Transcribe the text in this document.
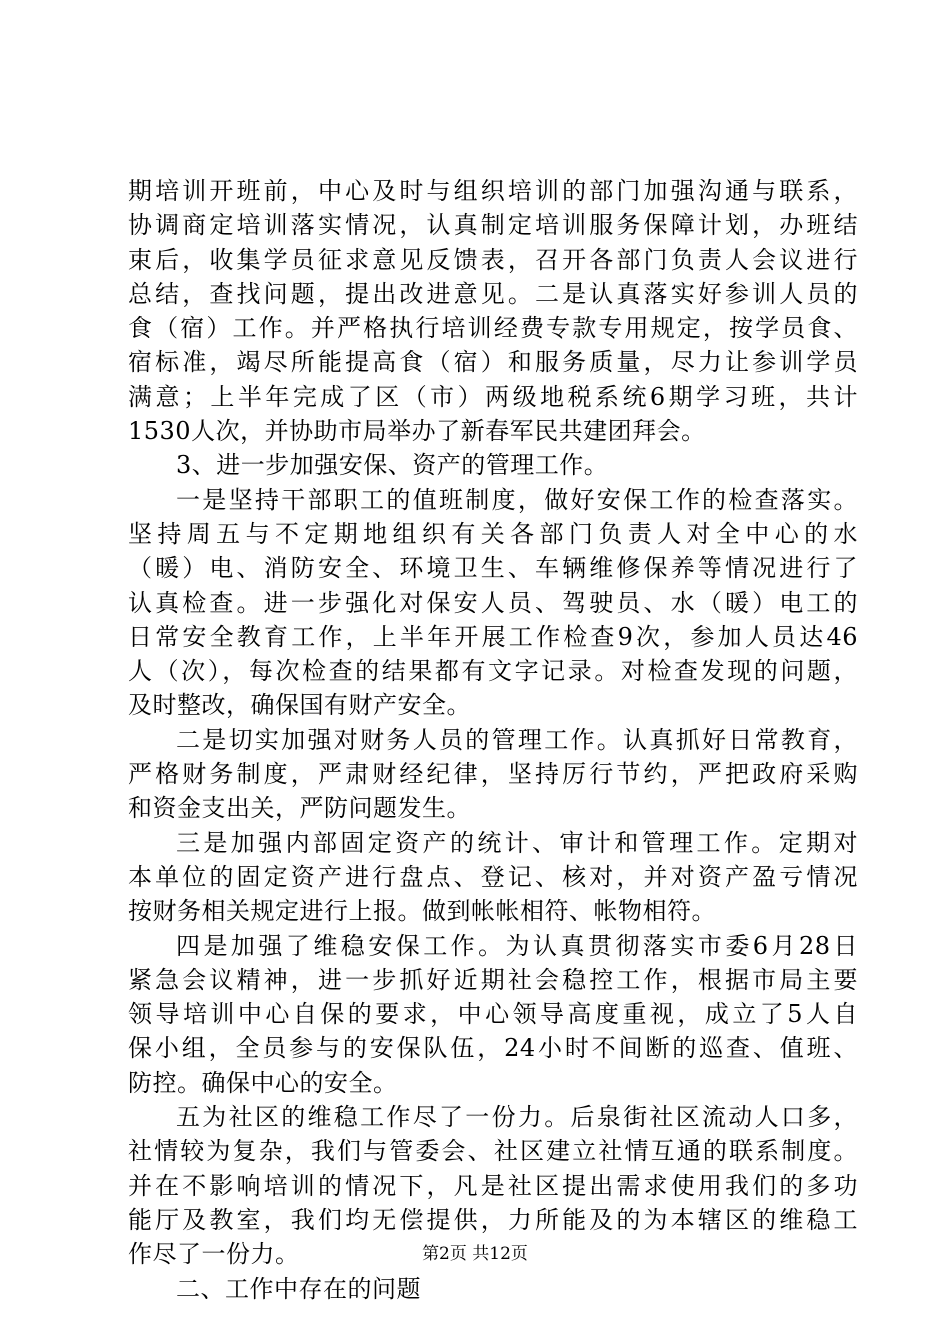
期培训开班前，中心及时与组织培训的部门加强沟通与联系，
协调商定培训落实情况，认真制定培训服务保障计划，办班结
束后，收集学员征求意见反馈表，召开各部门负责人会议进行
总结，查找问题，提出改进意见。二是认真落实好参训人员的
食（宿）工作。并严格执行培训经费专款专用规定，按学员食、
宿标准，竭尽所能提高食（宿）和服务质量，尽力让参训学员
满意；上半年完成了区（市）两级地税系统6期学习班，共计
1530人次，并协助市局举办了新春军民共建团拜会。
3、进一步加强安保、资产的管理工作。
一是坚持干部职工的值班制度，做好安保工作的检查落实。
坚持周五与不定期地组织有关各部门负责人对全中心的水
（暖）电、消防安全、环境卫生、车辆维修保养等情况进行了
认真检查。进一步强化对保安人员、驾驶员、水（暖）电工的
日常安全教育工作，上半年开展工作检查9次，参加人员达46
人（次），每次检查的结果都有文字记录。对检查发现的问题，
及时整改，确保国有财产安全。
二是切实加强对财务人员的管理工作。认真抓好日常教育，
严格财务制度，严肃财经纪律，坚持厉行节约，严把政府采购
和资金支出关，严防问题发生。
三是加强内部固定资产的统计、审计和管理工作。定期对
本单位的固定资产进行盘点、登记、核对，并对资产盈亏情况
按财务相关规定进行上报。做到帐帐相符、帐物相符。
四是加强了维稳安保工作。为认真贯彻落实市委6月28日
紧急会议精神，进一步抓好近期社会稳控工作，根据市局主要
领导培训中心自保的要求，中心领导高度重视，成立了5人自
保小组，全员参与的安保队伍，24小时不间断的巡查、值班、
防控。确保中心的安全。
五为社区的维稳工作尽了一份力。后泉街社区流动人口多，
社情较为复杂，我们与管委会、社区建立社情互通的联系制度。
并在不影响培训的情况下，凡是社区提出需求使用我们的多功
能厅及教室，我们均无偿提供，力所能及的为本辖区的维稳工
作尽了一份力。
二、工作中存在的问题
第2页 共12页
